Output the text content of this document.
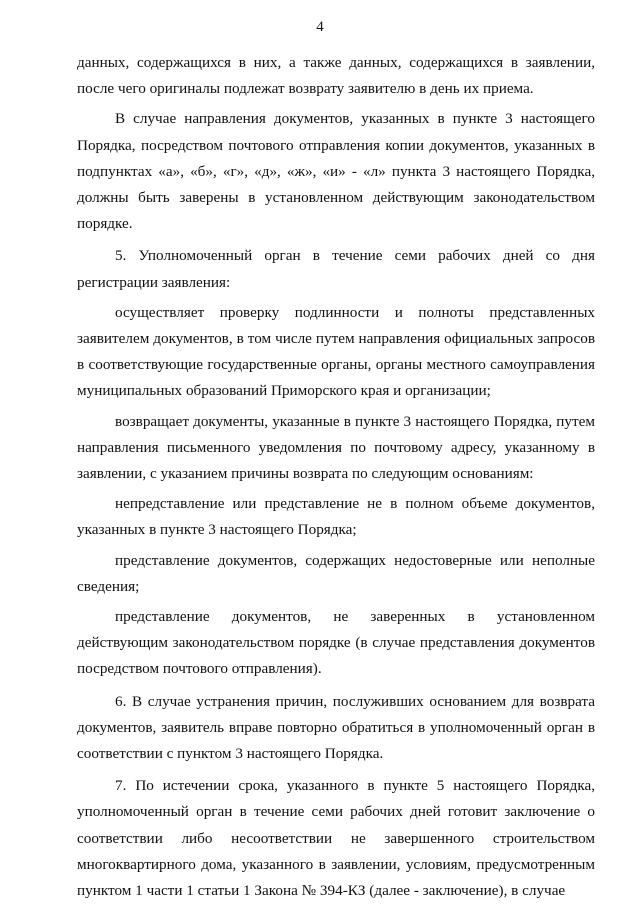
4

данных, содержащихся в них, а также данных, содержащихся в заявлении, после чего оригиналы подлежат возврату заявителю в день их приема.

В случае направления документов, указанных в пункте 3 настоящего Порядка, посредством почтового отправления копии документов, указанных в подпунктах «а», «б», «г», «д», «ж», «и» - «л» пункта 3 настоящего Порядка, должны быть заверены в установленном действующим законодательством порядке.

5. Уполномоченный орган в течение семи рабочих дней со дня регистрации заявления:

осуществляет проверку подлинности и полноты представленных заявителем документов, в том числе путем направления официальных запросов в соответствующие государственные органы, органы местного самоуправления муниципальных образований Приморского края и организации;

возвращает документы, указанные в пункте 3 настоящего Порядка, путем направления письменного уведомления по почтовому адресу, указанному в заявлении, с указанием причины возврата по следующим основаниям:

непредставление или представление не в полном объеме документов, указанных в пункте 3 настоящего Порядка;

представление документов, содержащих недостоверные или неполные сведения;

представление документов, не заверенных в установленном действующим законодательством порядке (в случае представления документов посредством почтового отправления).

6. В случае устранения причин, послуживших основанием для возврата документов, заявитель вправе повторно обратиться в уполномоченный орган в соответствии с пунктом 3 настоящего Порядка.

7. По истечении срока, указанного в пункте 5 настоящего Порядка, уполномоченный орган в течение семи рабочих дней готовит заключение о соответствии либо несоответствии не завершенного строительством многоквартирного дома, указанного в заявлении, условиям, предусмотренным пунктом 1 части 1 статьи 1 Закона № 394-КЗ (далее - заключение), в случае
